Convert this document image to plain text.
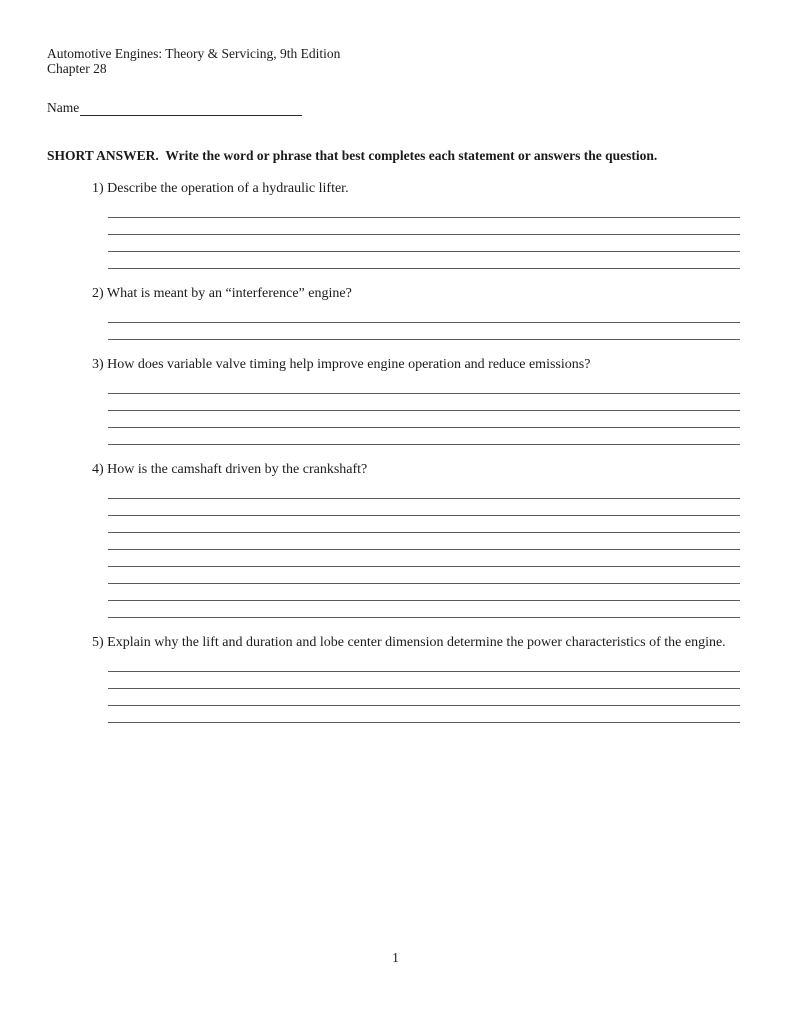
Automotive Engines: Theory & Servicing, 9th Edition
Chapter 28
Name
SHORT ANSWER.  Write the word or phrase that best completes each statement or answers the question.
1) Describe the operation of a hydraulic lifter.
2) What is meant by an “interference” engine?
3) How does variable valve timing help improve engine operation and reduce emissions?
4) How is the camshaft driven by the crankshaft?
5) Explain why the lift and duration and lobe center dimension determine the power characteristics of the engine.
1
